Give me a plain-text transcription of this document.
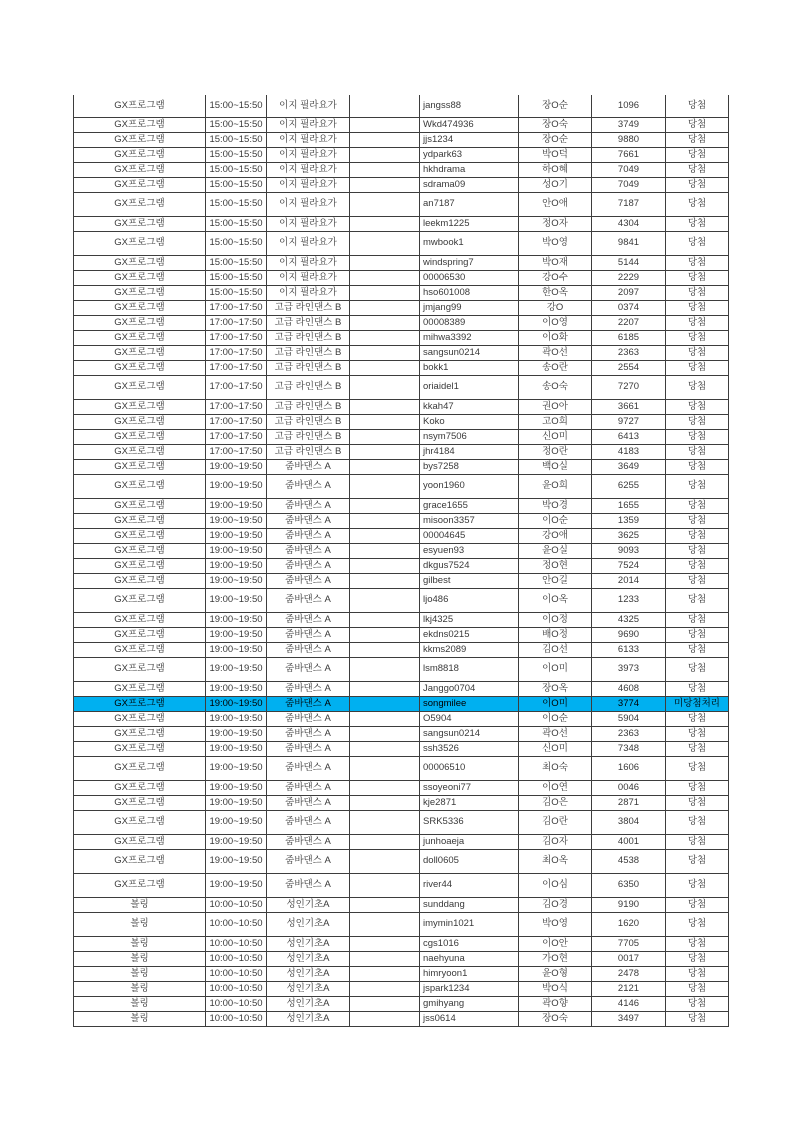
GX프로그램	15:00~15:50	이지 필라요가		jangss88	장O순	1096	당첨
GX프로그램	15:00~15:50	이지 필라요가		Wkd474936	장O숙	3749	당첨
GX프로그램	15:00~15:50	이지 필라요가		jjs1234	장O순	9880	당첨
GX프로그램	15:00~15:50	이지 필라요가		ydpark63	박O덕	7661	당첨
GX프로그램	15:00~15:50	이지 필라요가		hkhdrama	하O혜	7049	당첨
GX프로그램	15:00~15:50	이지 필라요가		sdrama09	성O기	7049	당첨
GX프로그램	15:00~15:50	이지 필라요가		an7187	안O애	7187	당첨
GX프로그램	15:00~15:50	이지 필라요가		leekm1225	정O자	4304	당첨
GX프로그램	15:00~15:50	이지 필라요가		mwbook1	박O영	9841	당첨
GX프로그램	15:00~15:50	이지 필라요가		windspring7	박O재	5144	당첨
GX프로그램	15:00~15:50	이지 필라요가		00006530	강O수	2229	당첨
GX프로그램	15:00~15:50	이지 필라요가		hso601008	한O옥	2097	당첨
GX프로그램	17:00~17:50	고급 라인댄스 B		jmjang99	강O	0374	당첨
GX프로그램	17:00~17:50	고급 라인댄스 B		00008389	이O영	2207	당첨
GX프로그램	17:00~17:50	고급 라인댄스 B		mihwa3392	이O화	6185	당첨
GX프로그램	17:00~17:50	고급 라인댄스 B		sangsun0214	곽O선	2363	당첨
GX프로그램	17:00~17:50	고급 라인댄스 B		bokk1	송O란	2554	당첨
GX프로그램	17:00~17:50	고급 라인댄스 B		oriaidel1	송O숙	7270	당첨
GX프로그램	17:00~17:50	고급 라인댄스 B		kkah47	권O아	3661	당첨
GX프로그램	17:00~17:50	고급 라인댄스 B		Koko	고O희	9727	당첨
GX프로그램	17:00~17:50	고급 라인댄스 B		nsym7506	신O미	6413	당첨
GX프로그램	17:00~17:50	고급 라인댄스 B		jhr4184	정O란	4183	당첨
GX프로그램	19:00~19:50	줌바댄스 A		bys7258	백O실	3649	당첨
GX프로그램	19:00~19:50	줌바댄스 A		yoon1960	윤O희	6255	당첨
GX프로그램	19:00~19:50	줌바댄스 A		grace1655	박O경	1655	당첨
GX프로그램	19:00~19:50	줌바댄스 A		misoon3357	이O순	1359	당첨
GX프로그램	19:00~19:50	줌바댄스 A		00004645	강O애	3625	당첨
GX프로그램	19:00~19:50	줌바댄스 A		esyuen93	윤O실	9093	당첨
GX프로그램	19:00~19:50	줌바댄스 A		dkgus7524	정O현	7524	당첨
GX프로그램	19:00~19:50	줌바댄스 A		gilbest	안O길	2014	당첨
GX프로그램	19:00~19:50	줌바댄스 A		ljo486	이O옥	1233	당첨
GX프로그램	19:00~19:50	줌바댄스 A		lkj4325	이O정	4325	당첨
GX프로그램	19:00~19:50	줌바댄스 A		ekdns0215	배O정	9690	당첨
GX프로그램	19:00~19:50	줌바댄스 A		kkms2089	김O선	6133	당첨
GX프로그램	19:00~19:50	줌바댄스 A		lsm8818	이O미	3973	당첨
GX프로그램	19:00~19:50	줌바댄스 A		Janggo0704	장O옥	4608	당첨
GX프로그램	19:00~19:50	줌바댄스 A		songmilee	이O미	3774	미당첨처리
GX프로그램	19:00~19:50	줌바댄스 A		O5904	이O순	5904	당첨
GX프로그램	19:00~19:50	줌바댄스 A		sangsun0214	곽O선	2363	당첨
GX프로그램	19:00~19:50	줌바댄스 A		ssh3526	신O미	7348	당첨
GX프로그램	19:00~19:50	줌바댄스 A		00006510	최O숙	1606	당첨
GX프로그램	19:00~19:50	줌바댄스 A		ssoyeoni77	이O연	0046	당첨
GX프로그램	19:00~19:50	줌바댄스 A		kje2871	김O은	2871	당첨
GX프로그램	19:00~19:50	줌바댄스 A		SRK5336	김O란	3804	당첨
GX프로그램	19:00~19:50	줌바댄스 A		junhoaeja	김O자	4001	당첨
GX프로그램	19:00~19:50	줌바댄스 A		doll0605	최O옥	4538	당첨
GX프로그램	19:00~19:50	줌바댄스 A		river44	이O심	6350	당첨
볼링	10:00~10:50	성인기초A		sunddang	김O경	9190	당첨
볼링	10:00~10:50	성인기초A		imymin1021	박O영	1620	당첨
볼링	10:00~10:50	성인기초A		cgs1016	이O안	7705	당첨
볼링	10:00~10:50	성인기초A		naehyuna	가O현	0017	당첨
볼링	10:00~10:50	성인기초A		himryoon1	윤O형	2478	당첨
볼링	10:00~10:50	성인기초A		jspark1234	박O식	2121	당첨
볼링	10:00~10:50	성인기초A		gmihyang	곽O향	4146	당첨
볼링	10:00~10:50	성인기초A		jss0614	장O숙	3497	당첨
